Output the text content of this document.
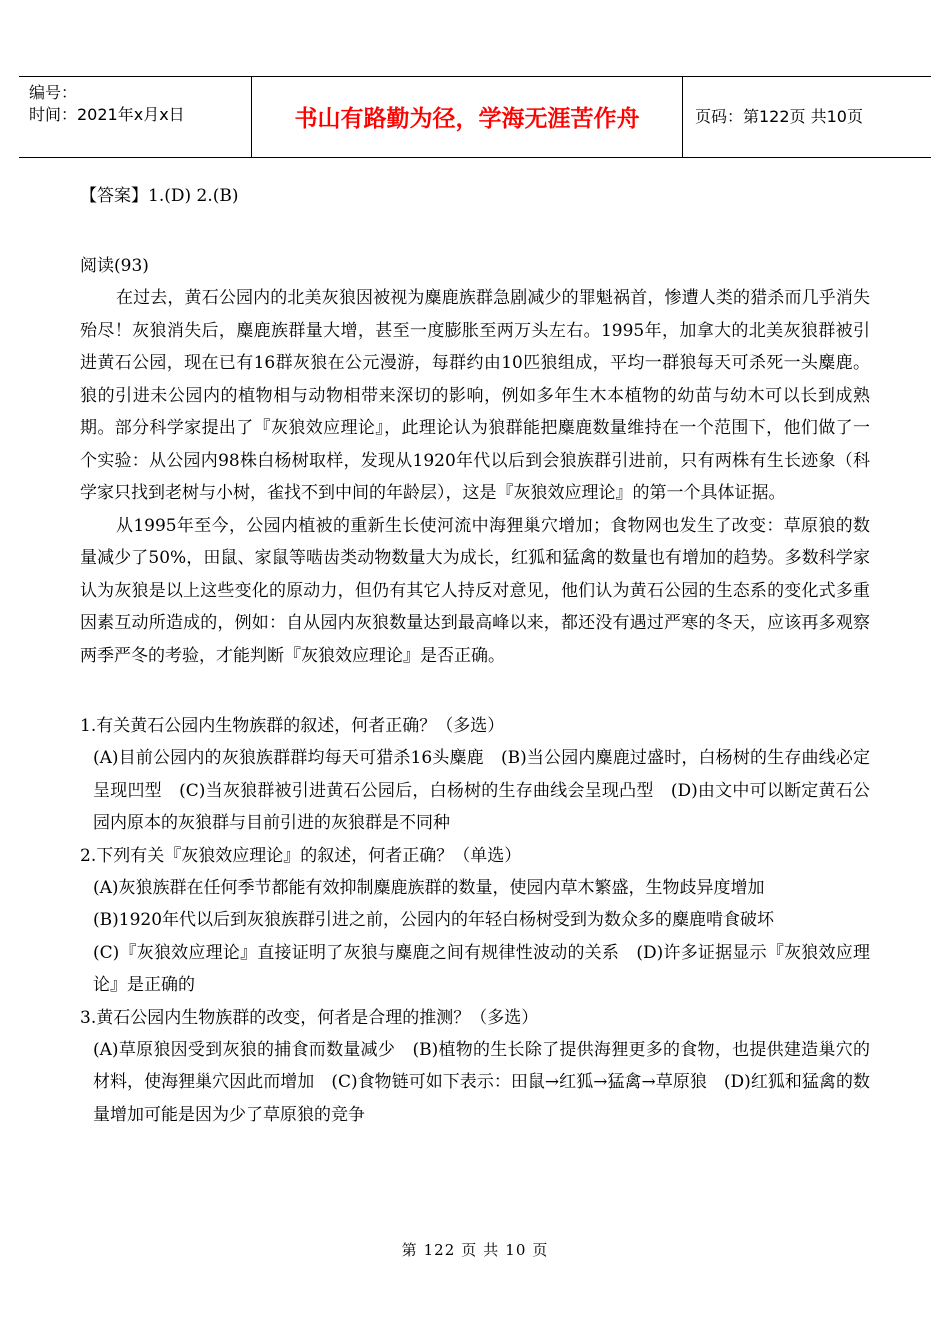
编号：
时间：2021年x月x日	书山有路勤为径，学海无涯苦作舟	页码：第122页 共10页
【答案】1.(D) 2.(B)
阅读(93)
在过去，黄石公园内的北美灰狼因被视为麋鹿族群急剧减少的罪魁祸首，惨遭人类的猎杀而几乎消失殆尽！灰狼消失后，麋鹿族群量大增，甚至一度膨胀至两万头左右。1995年，加拿大的北美灰狼群被引进黄石公园，现在已有16群灰狼在公元漫游，每群约由10匹狼组成，平均一群狼每天可杀死一头麋鹿。狼的引进未公园内的植物相与动物相带来深切的影响，例如多年生木本植物的幼苗与幼木可以长到成熟期。部分科学家提出了『灰狼效应理论』，此理论认为狼群能把麋鹿数量维持在一个范围下，他们做了一个实验：从公园内98株白杨树取样，发现从1920年代以后到会狼族群引进前，只有两株有生长迹象（科学家只找到老树与小树，雀找不到中间的年龄层），这是『灰狼效应理论』的第一个具体证据。
从1995年至今，公园内植被的重新生长使河流中海狸巢穴增加；食物网也发生了改变：草原狼的数量减少了50%，田鼠、家鼠等啮齿类动物数量大为成长，红狐和猛禽的数量也有增加的趋势。多数科学家认为灰狼是以上这些变化的原动力，但仍有其它人持反对意见，他们认为黄石公园的生态系的变化式多重因素互动所造成的，例如：自从园内灰狼数量达到最高峰以来，都还没有遇过严寒的冬天，应该再多观察两季严冬的考验，才能判断『灰狼效应理论』是否正确。
1.有关黄石公园内生物族群的叙述，何者正确？（多选）
(A)目前公园内的灰狼族群群均每天可猎杀16头麋鹿　(B)当公园内麋鹿过盛时，白杨树的生存曲线必定呈现凹型　(C)当灰狼群被引进黄石公园后，白杨树的生存曲线会呈现凸型　(D)由文中可以断定黄石公园内原本的灰狼群与目前引进的灰狼群是不同种
2.下列有关『灰狼效应理论』的叙述，何者正确？（单选）
(A)灰狼族群在任何季节都能有效抑制麋鹿族群的数量，使园内草木繁盛，生物歧异度增加
(B)1920年代以后到灰狼族群引进之前，公园内的年轻白杨树受到为数众多的麋鹿啃食破坏
(C)『灰狼效应理论』直接证明了灰狼与麋鹿之间有规律性波动的关系　(D)许多证据显示『灰狼效应理论』是正确的
3.黄石公园内生物族群的改变，何者是合理的推测？（多选）
(A)草原狼因受到灰狼的捕食而数量减少　(B)植物的生长除了提供海狸更多的食物，也提供建造巢穴的材料，使海狸巢穴因此而增加　(C)食物链可如下表示：田鼠→红狐→猛禽→草原狼　(D)红狐和猛禽的数量增加可能是因为少了草原狼的竞争
第 122 页 共 10 页
